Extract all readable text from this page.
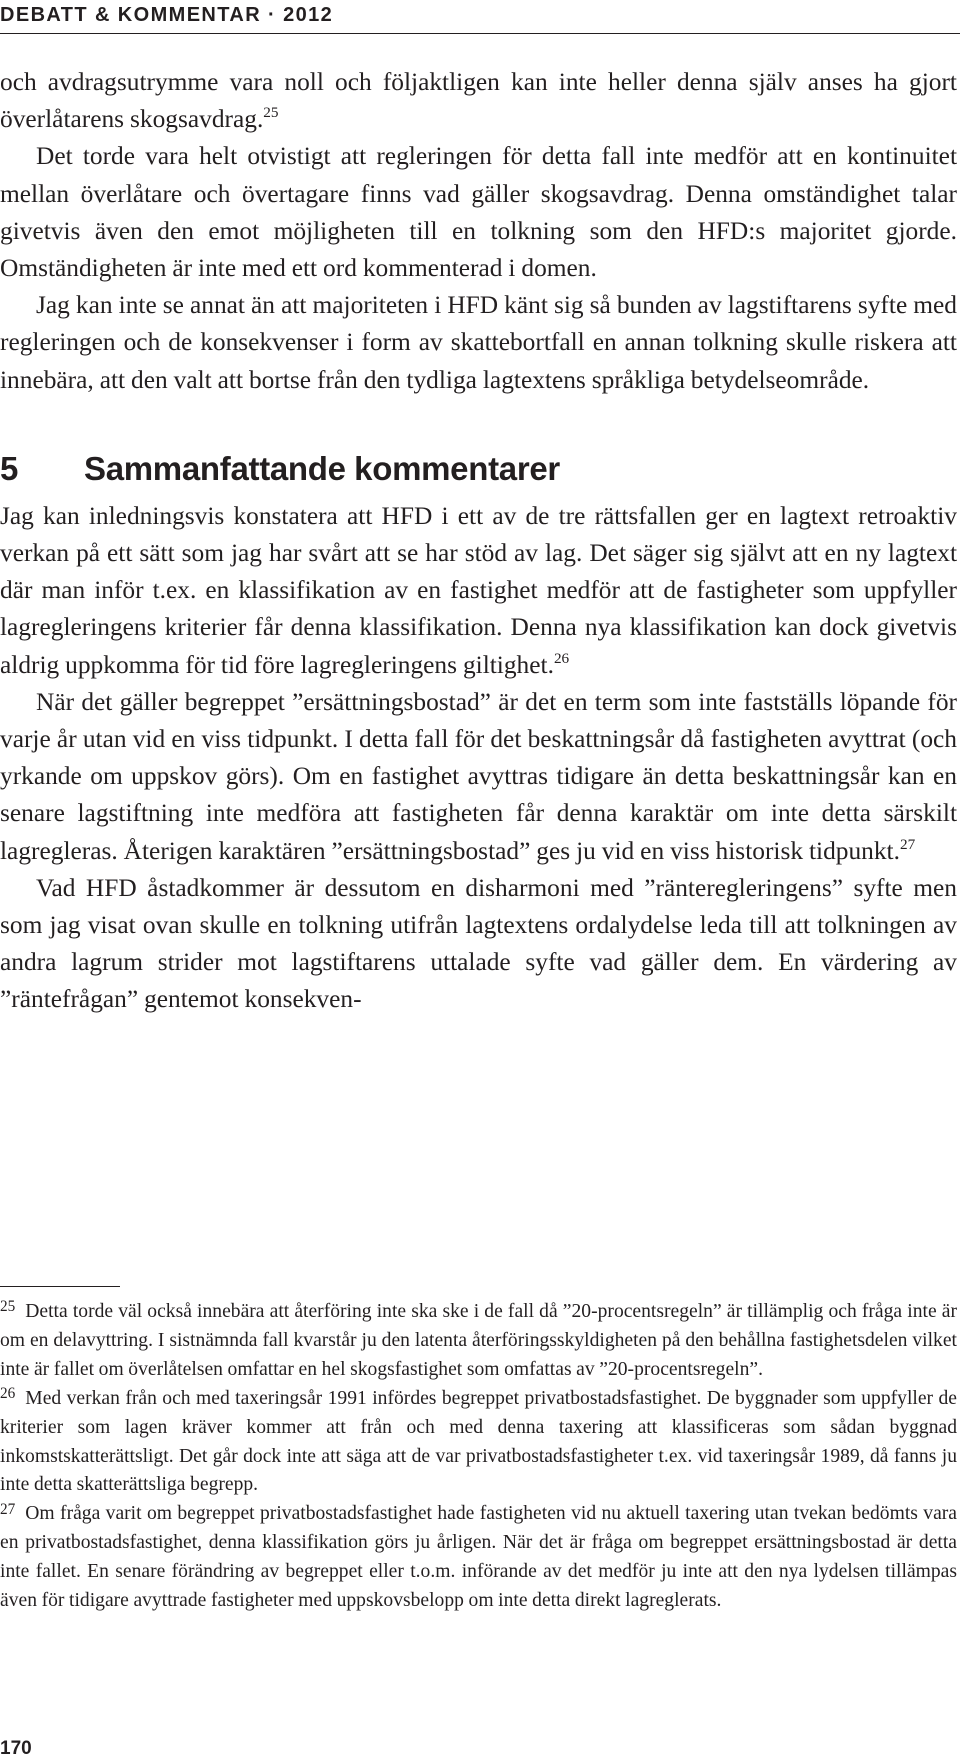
DEBATT & KOMMENTAR · 2012

och avdragsutrymme vara noll och följaktligen kan inte heller denna själv anses ha gjort överlåtarens skogsavdrag.$^{25}$

Det torde vara helt otvistigt att regleringen för detta fall inte medför att en kontinuitet mellan överlåtare och övertagare finns vad gäller skogsavdrag. Denna omständighet talar givetvis även den emot möjligheten till en tolkning som den HFD:s majoritet gjorde. Omständigheten är inte med ett ord kommenterad i domen.

Jag kan inte se annat än att majoriteten i HFD känt sig så bunden av lagstiftarens syfte med regleringen och de konsekvenser i form av skattebortfall en annan tolkning skulle riskera att innebära, att den valt att bortse från den tydliga lagtextens språkliga betydelseområde.

5 Sammanfattande kommentarer

Jag kan inledningsvis konstatera att HFD i ett av de tre rättsfallen ger en lagtext retroaktiv verkan på ett sätt som jag har svårt att se har stöd av lag. Det säger sig självt att en ny lagtext där man inför t.ex. en klassifikation av en fastighet medför att de fastigheter som uppfyller lagregleringens kriterier får denna klassifikation. Denna nya klassifikation kan dock givetvis aldrig uppkomma för tid före lagregleringens giltighet.$^{26}$

När det gäller begreppet ”ersättningsbostad” är det en term som inte fastställs löpande för varje år utan vid en viss tidpunkt. I detta fall för det beskattningsår då fastigheten avyttrat (och yrkande om uppskov görs). Om en fastighet avyttras tidigare än detta beskattningsår kan en senare lagstiftning inte medföra att fastigheten får denna karaktär om inte detta särskilt lagregleras. Återigen karaktären ”ersättningsbostad” ges ju vid en viss historisk tidpunkt.$^{27}$

Vad HFD åstadkommer är dessutom en disharmoni med ”ränteregleringens” syfte men som jag visat ovan skulle en tolkning utifrån lagtextens ordalydelse leda till att tolkningen av andra lagrum strider mot lagstiftarens uttalade syfte vad gäller dem. En värdering av ”räntefrågan” gentemot konsekven-

$^{25}$ Detta torde väl också innebära att återföring inte ska ske i de fall då ”20-procentsregeln” är tillämplig och fråga inte är om en delavyttring. I sistnämnda fall kvarstår ju den latenta återföringsskyldigheten på den behållna fastighetsdelen vilket inte är fallet om överlåtelsen omfattar en hel skogsfastighet som omfattas av ”20-procentsregeln”.

$^{26}$ Med verkan från och med taxeringsår 1991 infördes begreppet privatbostadsfastighet. De byggnader som uppfyller de kriterier som lagen kräver kommer att från och med denna taxering att klassificeras som sådan byggnad inkomstskatterättsligt. Det går dock inte att säga att de var privatbostadsfastigheter t.ex. vid taxeringsår 1989, då fanns ju inte detta skatterättsliga begrepp.

$^{27}$ Om fråga varit om begreppet privatbostadsfastighet hade fastigheten vid nu aktuell taxering utan tvekan bedömts vara en privatbostadsfastighet, denna klassifikation görs ju årligen. När det är fråga om begreppet ersättningsbostad är detta inte fallet. En senare förändring av begreppet eller t.o.m. införande av det medför ju inte att den nya lydelsen tillämpas även för tidigare avyttrade fastigheter med uppskovsbelopp om inte detta direkt lagreglerats.

170
